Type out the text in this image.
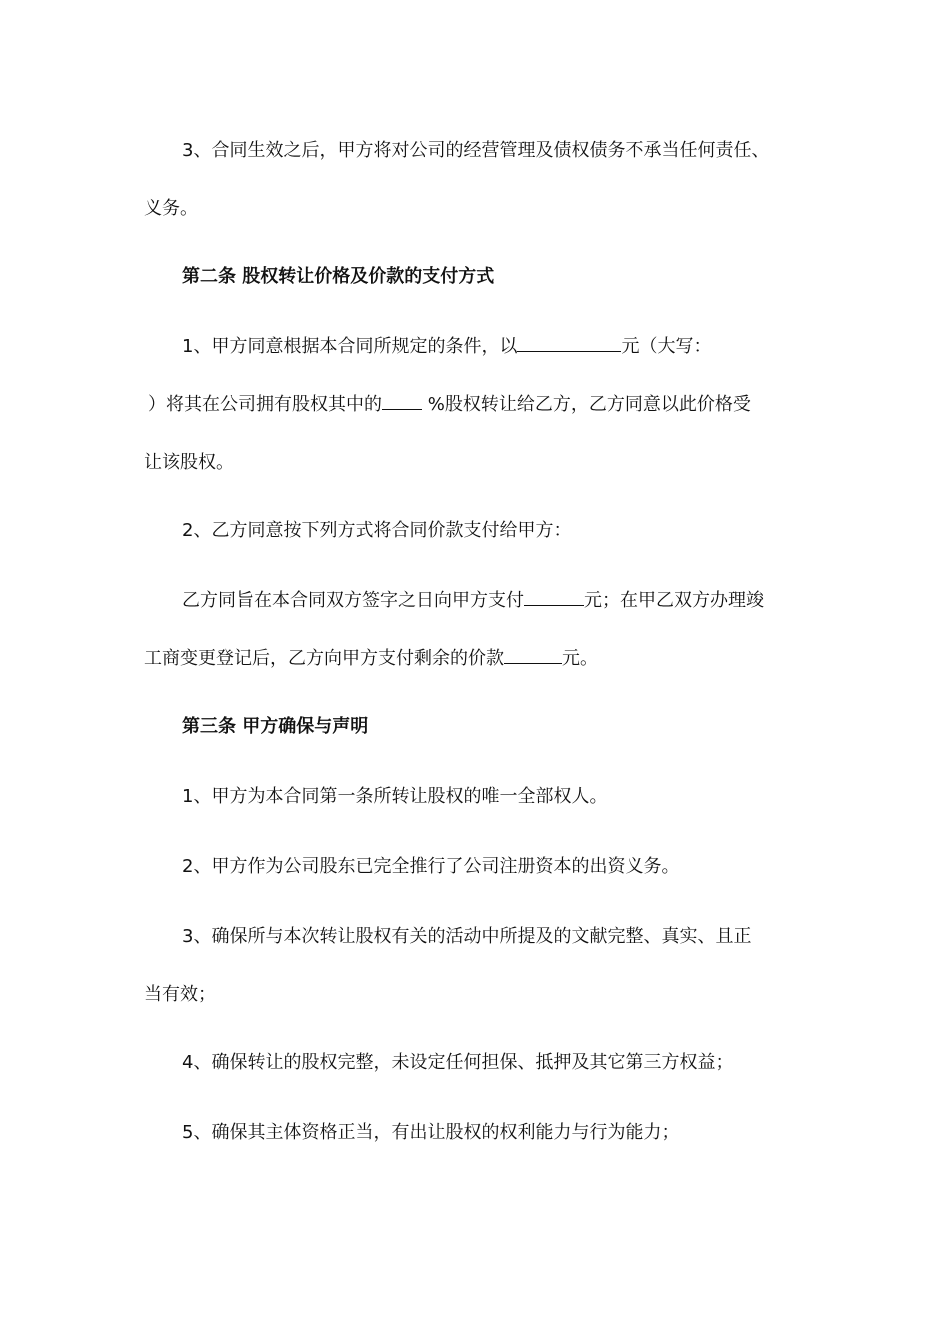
3、合同生效之后，甲方将对公司的经营管理及债权债务不承当任何责任、
义务。
第二条 股权转让价格及价款的支付方式
1、甲方同意根据本合同所规定的条件，以	元（大写：
）将其在公司拥有股权其中的	%股权转让给乙方，乙方同意以此价格受
让该股权。
2、乙方同意按下列方式将合同价款支付给甲方：
乙方同旨在本合同双方签字之日向甲方支付	元；在甲乙双方办理竣
工商变更登记后，乙方向甲方支付剩余的价款	元。
第三条 甲方确保与声明
1、甲方为本合同第一条所转让股权的唯一全部权人。
2、甲方作为公司股东已完全推行了公司注册资本的出资义务。
3、确保所与本次转让股权有关的活动中所提及的文献完整、真实、且正
当有效；
4、确保转让的股权完整，未设定任何担保、抵押及其它第三方权益；
5、确保其主体资格正当，有出让股权的权利能力与行为能力；
